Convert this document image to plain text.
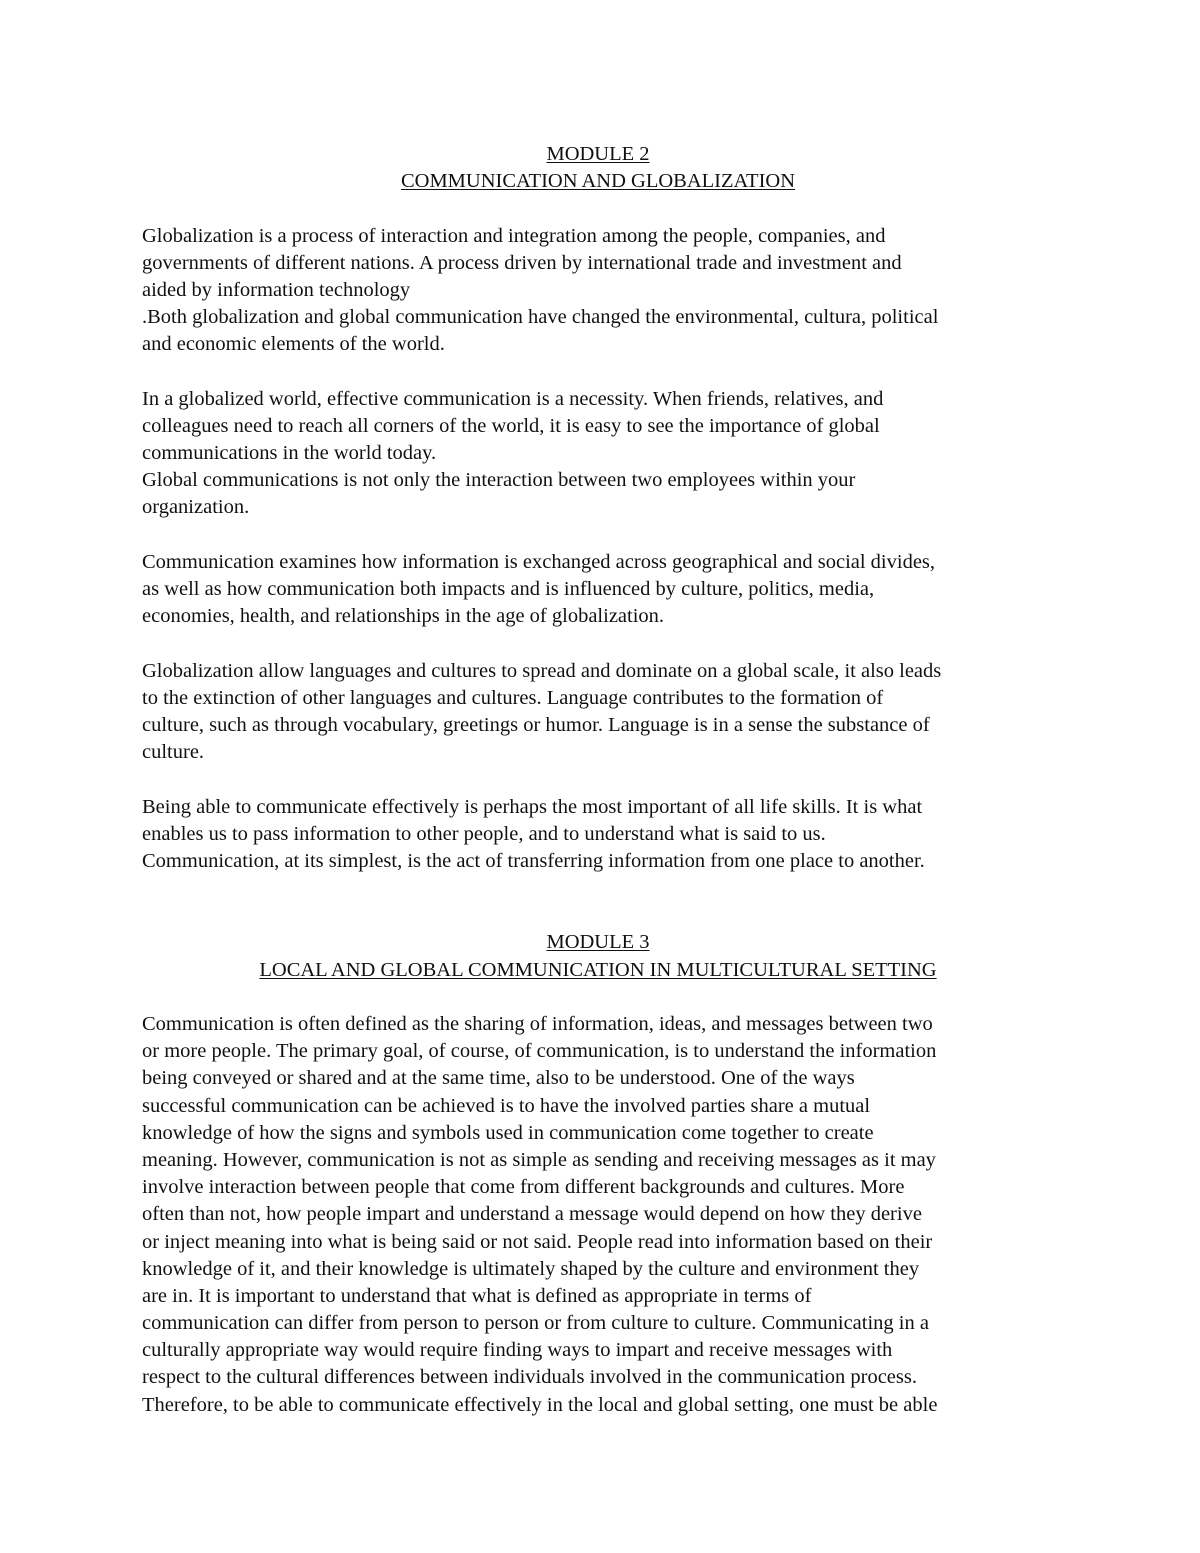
MODULE 2
COMMUNICATION AND GLOBALIZATION
Globalization is a process of interaction and integration among the people, companies, and
governments of different nations. A process driven by international trade and investment and
aided by information technology
.Both globalization and global communication have changed the environmental, cultura, political
and economic elements of the world.
In a globalized world, effective communication is a necessity. When friends, relatives, and
colleagues need to reach all corners of the world, it is easy to see the importance of global
communications in the world today.
Global communications is not only the interaction between two employees within your
organization.
Communication examines how information is exchanged across geographical and social divides,
as well as how communication both impacts and is influenced by culture, politics, media,
economies, health, and relationships in the age of globalization.
Globalization allow languages and cultures to spread and dominate on a global scale, it also leads
to the extinction of other languages and cultures. Language contributes to the formation of
culture, such as through vocabulary, greetings or humor. Language is in a sense the substance of
culture.
Being able to communicate effectively is perhaps the most important of all life skills. It is what
enables us to pass information to other people, and to understand what is said to us.
Communication, at its simplest, is the act of transferring information from one place to another.
MODULE 3
LOCAL AND GLOBAL COMMUNICATION IN MULTICULTURAL SETTING
Communication is often defined as the sharing of information, ideas, and messages between two
or more people. The primary goal, of course, of communication, is to understand the information
being conveyed or shared and at the same time, also to be understood. One of the ways
successful communication can be achieved is to have the involved parties share a mutual
knowledge of how the signs and symbols used in communication come together to create
meaning. However, communication is not as simple as sending and receiving messages as it may
involve interaction between people that come from different backgrounds and cultures. More
often than not, how people impart and understand a message would depend on how they derive
or inject meaning into what is being said or not said. People read into information based on their
knowledge of it, and their knowledge is ultimately shaped by the culture and environment they
are in. It is important to understand that what is defined as appropriate in terms of
communication can differ from person to person or from culture to culture. Communicating in a
culturally appropriate way would require finding ways to impart and receive messages with
respect to the cultural differences between individuals involved in the communication process.
Therefore, to be able to communicate effectively in the local and global setting, one must be able
